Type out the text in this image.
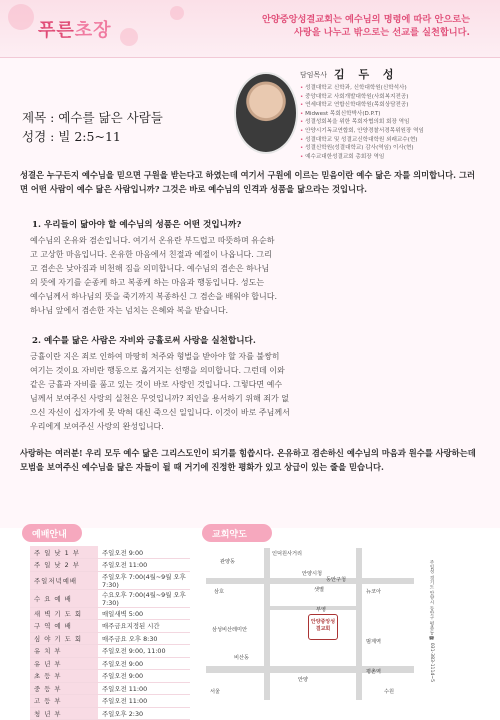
푸른초장
안양중앙성결교회는 예수님의 명령에 따라 안으로는
사랑을 나누고 밖으로는 선교를 실천합니다.
담임목사 김 두 성
• 성결대학교 신학과, 신학대학원(신학석사)
• 중앙대학교 사회개발대학원(사회복지전공)
• 연세대학교 연합신학대학원(목회상담전공)
• Midwest 목회신학박사(D.P.T)
• 성결성회복을 위한 목회자협의회 회장 역임
• 안양시기독교연합회, 안양경찰서경목위원장 역임
• 성결대학교 및 성결교신학대학원 외래교수(현)
• 성결신학원(성결대학교) 감사(역임) 이사(현)
• 예수교대한성결교회 총회장 역임
제목 : 예수를 닮은 사람들
성경 : 빌 2:5~11
성결은 누구든지 예수님을 믿으면 구원을 받는다고 하였는데 여기서 구원에 이르는 믿음이란 예수 닮은 자를 의미합니다. 그러면 어떤 사람이 예수 닮은 사람입니까? 그것은 바로 예수님의 인격과 성품을 닮으라는 것입니다.
1. 우리들이 닮아야 할 예수님의 성품은 어떤 것입니까?
예수님의 온유와 겸손입니다. 여기서 온유란 부드럽고 따뜻하며 유순하
고 고상한 마음입니다. 온유한 마음에서 친절과 예절이 나옵니다. 그리
고 겸손은 낮아짐과 비천해 짐을 의미합니다. 예수님의 겸손은 하나님
의 뜻에 자기를 순종케 하고 복종케 하는 마음과 행동입니다. 성도는
예수님께서 하나님의 뜻을 죽기까지 복종하신 그 겸손을 배워야 합니다.
하나님 앞에서 겸손한 자는 넘치는 은혜와 복을 받습니다.
2. 예수를 닮은 사람은 자비와 긍휼로써 사랑을 실천합니다.
긍휼이란 지은 죄로 인하여 마땅히 처주와 형벌을 받아야 할 자를 불쌍히
여기는 것이요 자비란 행동으로 옮겨지는 선행을 의미합니다. 그런데 이와
같은 긍휼과 자비를 품고 있는 것이 바로 사랑인 것입니다. 그렇다면 예수
님께서 보여주신 사랑의 실천은 무엇입니까? 죄인을 용서하기 위해 죄가 없
으신 자신이 십자가에 못 박혀 대신 죽으신 일입니다. 이것이 바로 주님께서
우리에게 보여주신 사랑의 완성입니다.
사랑하는 여러분! 우리 모두 예수 닮은 그리스도인이 되기를 힘씁시다. 온유하고 겸손하신 예수님의 마음과 원수를 사랑하는데 모범을 보여주신 예수님을 닮은 자들이 될 때 거기에 진정한 평화가 있고 상급이 있는 줄을 믿습니다.
예배안내
주 일 낮 1 부	주일오전 9:00
주 일 낮 2 부	주일오전 11:00
주일저녁예배	주일오후 7:00(4월~9월 오후7:30)
수 요 예 배	수요오후 7:00(4월~9월 오후7:30)
새 벽 기 도 회	매일새벽 5:00
구 역 예 배	매주금요지정된 시간
심 야 기 도 회	매주금요 오후 8:30
유 치 부	주일오전 9:00, 11:00
유 년 부	주일오전 9:00
초 등 부	주일오전 9:00
중 등 부	주일오전 11:00
고 등 부	주일오전 11:00
청 년 부	주일오후 2:30
교회약도
안양중앙성결교회
관양동
인덕원사거리
삼호	샛별
안양시청
뉴코아
동안구청
부영
삼성비산레미안
비산동
범계역
안양
평촌역
서울	수원
주일성 경기도 안양시 동안구 평촌동 ☎ 031-383-1114~5
